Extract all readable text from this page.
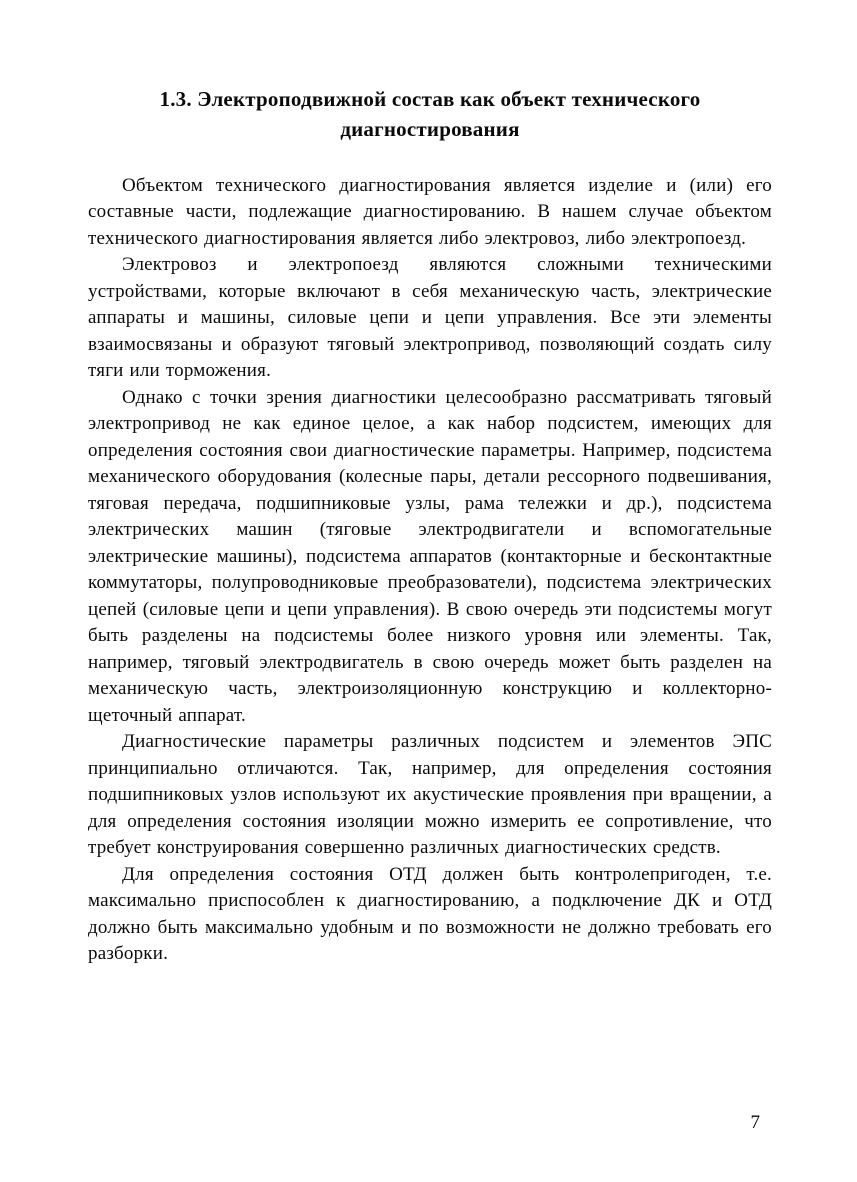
1.3. Электроподвижной состав как объект технического диагностирования

Объектом технического диагностирования является изделие и (или) его составные части, подлежащие диагностированию. В нашем случае объектом технического диагностирования является либо электровоз, либо электропоезд.

Электровоз и электропоезд являются сложными техническими устройствами, которые включают в себя механическую часть, электрические аппараты и машины, силовые цепи и цепи управления. Все эти элементы взаимосвязаны и образуют тяговый электропривод, позволяющий создать силу тяги или торможения.

Однако с точки зрения диагностики целесообразно рассматривать тяговый электропривод не как единое целое, а как набор подсистем, имеющих для определения состояния свои диагностические параметры. Например, подсистема механического оборудования (колесные пары, детали рессорного подвешивания, тяговая передача, подшипниковые узлы, рама тележки и др.), подсистема электрических машин (тяговые электродвигатели и вспомогательные электрические машины), подсистема аппаратов (контакторные и бесконтактные коммутаторы, полупроводниковые преобразователи), подсистема электрических цепей (силовые цепи и цепи управления). В свою очередь эти подсистемы могут быть разделены на подсистемы более низкого уровня или элементы. Так, например, тяговый электродвигатель в свою очередь может быть разделен на механическую часть, электроизоляционную конструкцию и коллекторно-щеточный аппарат.

Диагностические параметры различных подсистем и элементов ЭПС принципиально отличаются. Так, например, для определения состояния подшипниковых узлов используют их акустические проявления при вращении, а для определения состояния изоляции можно измерить ее сопротивление, что требует конструирования совершенно различных диагностических средств.

Для определения состояния ОТД должен быть контролепригоден, т.е. максимально приспособлен к диагностированию, а подключение ДК и ОТД должно быть максимально удобным и по возможности не должно требовать его разборки.

7
